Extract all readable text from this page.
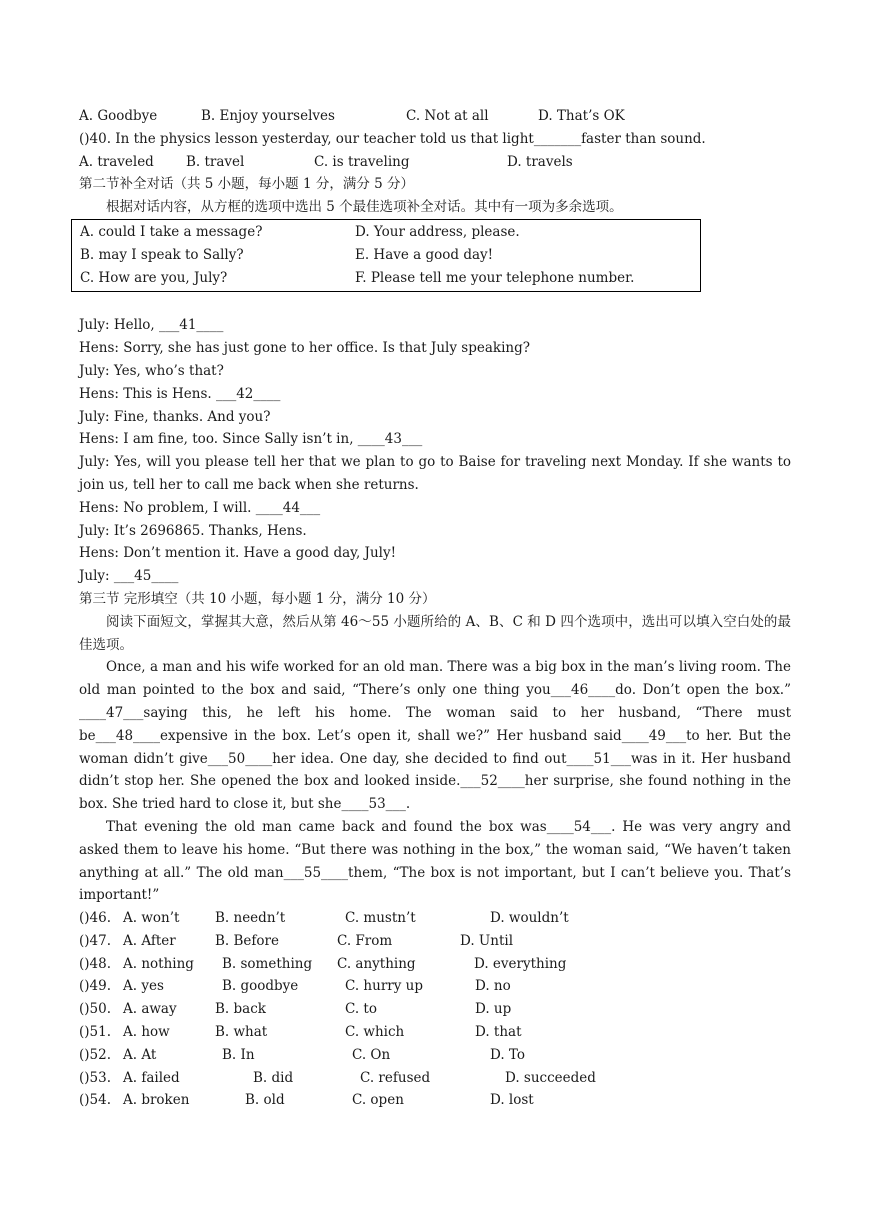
A. Goodbye	B. Enjoy yourselves	C. Not at all	D. That’s OK
()40. In the physics lesson yesterday, our teacher told us that light_______faster than sound.
A. traveled B. travel	C. is traveling	D. travels
第二节补全对话（共 5 小题，每小题 1 分，满分 5 分）
根据对话内容，从方框的选项中选出 5 个最佳选项补全对话。其中有一项为多余选项。
A. could I take a message?	D. Your address, please.
B. may I speak to Sally?	E. Have a good day!
C. How are you, July?	F. Please tell me your telephone number.
July: Hello, ___41____
Hens: Sorry, she has just gone to her office. Is that July speaking?
July: Yes, who’s that?
Hens: This is Hens. ___42____
July: Fine, thanks. And you?
Hens: I am fine, too. Since Sally isn’t in, ____43___
July: Yes, will you please tell her that we plan to go to Baise for traveling next Monday. If she wants to join us, tell her to call me back when she returns.
Hens: No problem, I will. ____44___
July: It’s 2696865. Thanks, Hens.
Hens: Don’t mention it. Have a good day, July!
July: ___45____
第三节 完形填空（共 10 小题，每小题 1 分，满分 10 分）
阅读下面短文，掌握其大意，然后从第 46～55 小题所给的 A、B、C 和 D 四个选项中，选出可以填入空白处的最佳选项。
Once, a man and his wife worked for an old man. There was a big box in the man’s living room. The old man pointed to the box and said, “There’s only one thing you___46____do. Don’t open the box.” ____47___saying this, he left his home. The woman said to her husband, “There must be___48____expensive in the box. Let’s open it, shall we?” Her husband said____49___to her. But the woman didn’t give___50____her idea. One day, she decided to find out____51___was in it. Her husband didn’t stop her. She opened the box and looked inside.___52____her surprise, she found nothing in the box. She tried hard to close it, but she____53___.
That evening the old man came back and found the box was____54___. He was very angry and asked them to leave his home. “But there was nothing in the box,” the woman said, “We haven’t taken anything at all.” The old man___55____them, “The box is not important, but I can’t believe you. That’s important!”
()46. A. won’t	B. needn’t	C. mustn’t	D. wouldn’t
()47. A. After	B. Before	C. From	D. Until
()48. A. nothing	B. something	C. anything	D. everything
()49. A. yes	B. goodbye	C. hurry up	D. no
()50. A. away	B. back	C. to	D. up
()51. A. how	B. what	C. which	D. that
()52. A. At	B. In	C. On	D. To
()53. A. failed	B. did	C. refused	D. succeeded
()54. A. broken	B. old	C. open	D. lost
